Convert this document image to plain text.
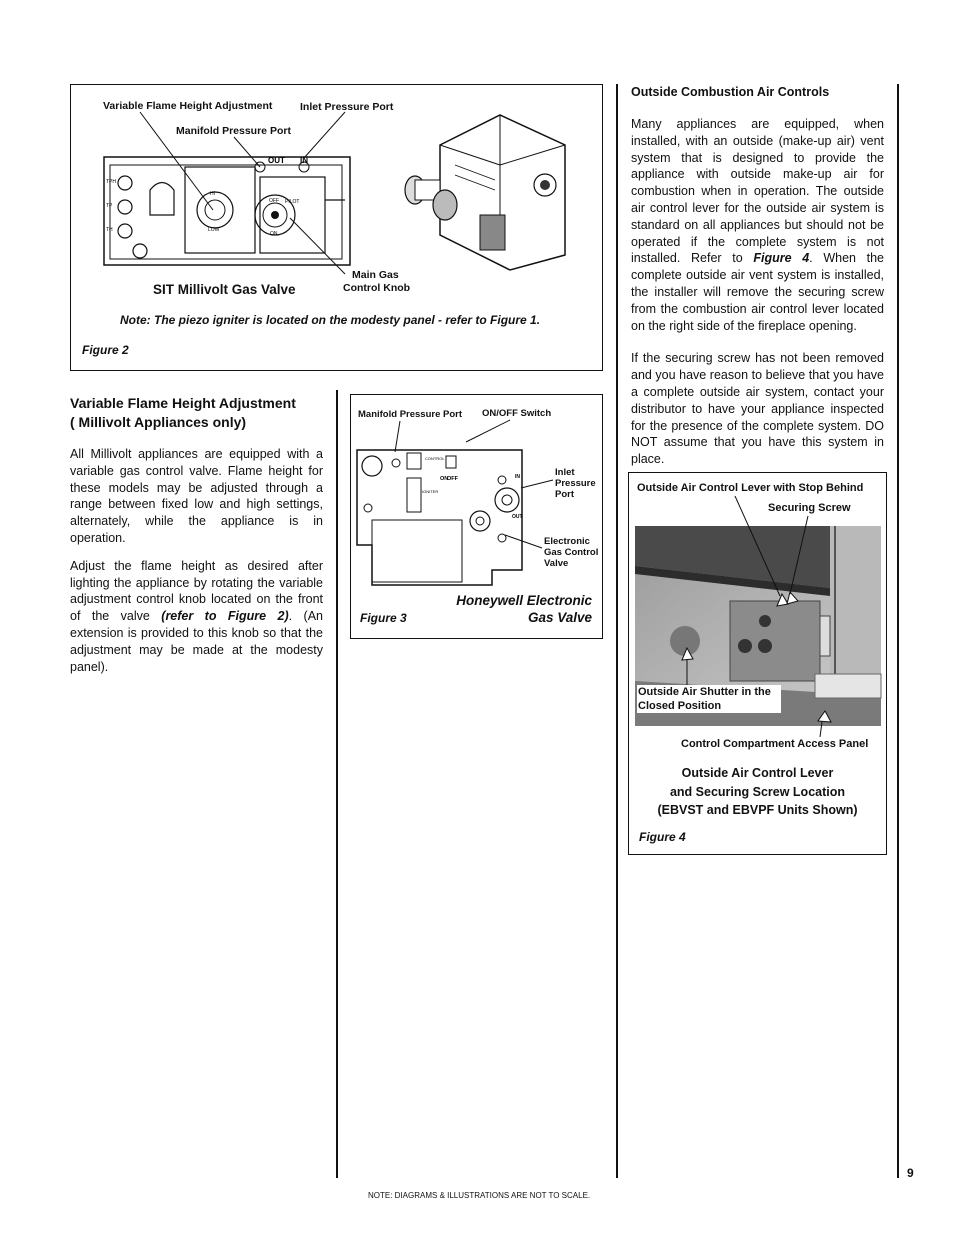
Variable Flame Height Adjustment	Inlet Pressure Port
Manifold Pressure Port
Main Gas
Control Knob
SIT Millivolt Gas Valve
Note: The piezo igniter is located on the modesty panel - refer to Figure 1.
Figure 2
OUT IN
TPH
TP
TH
HI
LOW
PILOT
OFF
ON

Variable Flame Height Adjustment

( Millivolt Appliances only)

All Millivolt appliances are equipped with a variable gas control valve. Flame height for these models may be adjusted through a range between fixed low and high settings, alternately, while the appliance is in operation.

Adjust the flame height as desired after lighting the appliance by rotating the variable adjustment control knob located on the front of the valve (refer to Figure 2). (An extension is provided to this knob so that the adjustment may be made at the modesty panel).

Manifold Pressure Port ON/OFF Switch
Inlet
Pressure
Port
Electronic
Gas Control
Valve
Figure 3
Honeywell Electronic
Gas Valve
OFF
ON
CONTROL
IGNITER
IN
OUT

Outside Combustion Air Controls

Many appliances are equipped, when installed, with an outside (make-up air) vent system that is designed to provide the appliance with outside make-up air for combustion when in operation. The outside air control lever for the outside air system is standard on all appliances but should not be operated if the complete system is not installed. Refer to Figure 4. When the complete outside air vent system is installed, the installer will remove the securing screw from the combustion air control lever located on the right side of the fireplace opening.

If the securing screw has not been removed and you have reason to believe that you have a complete outside air system, contact your distributor to have your appliance inspected for the presence of the complete system. DO NOT assume that you have this system in place.

Outside Air Control Lever with Stop Behind
Securing Screw
Outside Air Shutter in the
Closed Position
Control Compartment Access Panel
Outside Air Control Lever
and Securing Screw Location
(EBVST and EBVPF Units Shown)
Figure 4
9
NOTE: DIAGRAMS & ILLUSTRATIONS ARE NOT TO SCALE.
